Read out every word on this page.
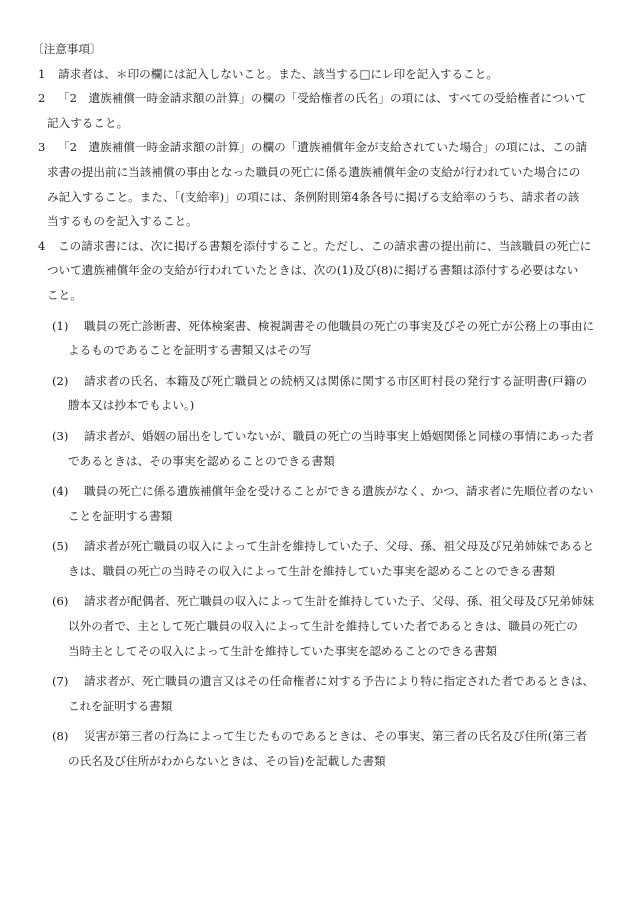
〔注意事項〕

1	請求者は、＊印の欄には記入しないこと。また、該当する□にレ印を記入すること。
2	「2　遺族補償一時金請求額の計算」の欄の「受給権者の氏名」の項には、すべての受給権者について
記入すること。
3	「2　遺族補償一時金請求額の計算」の欄の「遺族補償年金が支給されていた場合」の項には、この請
求書の提出前に当該補償の事由となった職員の死亡に係る遺族補償年金の支給が行われていた場合にの
み記入すること。また、「(支給率)」の項には、条例附則第4条各号に掲げる支給率のうち、請求者の該
当するものを記入すること。
4	この請求書には、次に掲げる書類を添付すること。ただし、この請求書の提出前に、当該職員の死亡に
ついて遺族補償年金の支給が行われていたときは、次の(1)及び(8)に掲げる書類は添付する必要はない
こと。
(1)	職員の死亡診断書、死体検案書、検視調書その他職員の死亡の事実及びその死亡が公務上の事由に
よるものであることを証明する書類又はその写
(2)	請求者の氏名、本籍及び死亡職員との続柄又は関係に関する市区町村長の発行する証明書(戸籍の
謄本又は抄本でもよい。)
(3)	請求者が、婚姻の届出をしていないが、職員の死亡の当時事実上婚姻関係と同様の事情にあった者
であるときは、その事実を認めることのできる書類
(4)	職員の死亡に係る遺族補償年金を受けることができる遺族がなく、かつ、請求者に先順位者のない
ことを証明する書類
(5)	請求者が死亡職員の収入によって生計を維持していた子、父母、孫、祖父母及び兄弟姉妹であると
きは、職員の死亡の当時その収入によって生計を維持していた事実を認めることのできる書類
(6)	請求者が配偶者、死亡職員の収入によって生計を維持していた子、父母、孫、祖父母及び兄弟姉妹
以外の者で、主として死亡職員の収入によって生計を維持していた者であるときは、職員の死亡の
当時主としてその収入によって生計を維持していた事実を認めることのできる書類
(7)	請求者が、死亡職員の遺言又はその任命権者に対する予告により特に指定された者であるときは、
これを証明する書類
(8)	災害が第三者の行為によって生じたものであるときは、その事実、第三者の氏名及び住所(第三者
の氏名及び住所がわからないときは、その旨)を記載した書類
